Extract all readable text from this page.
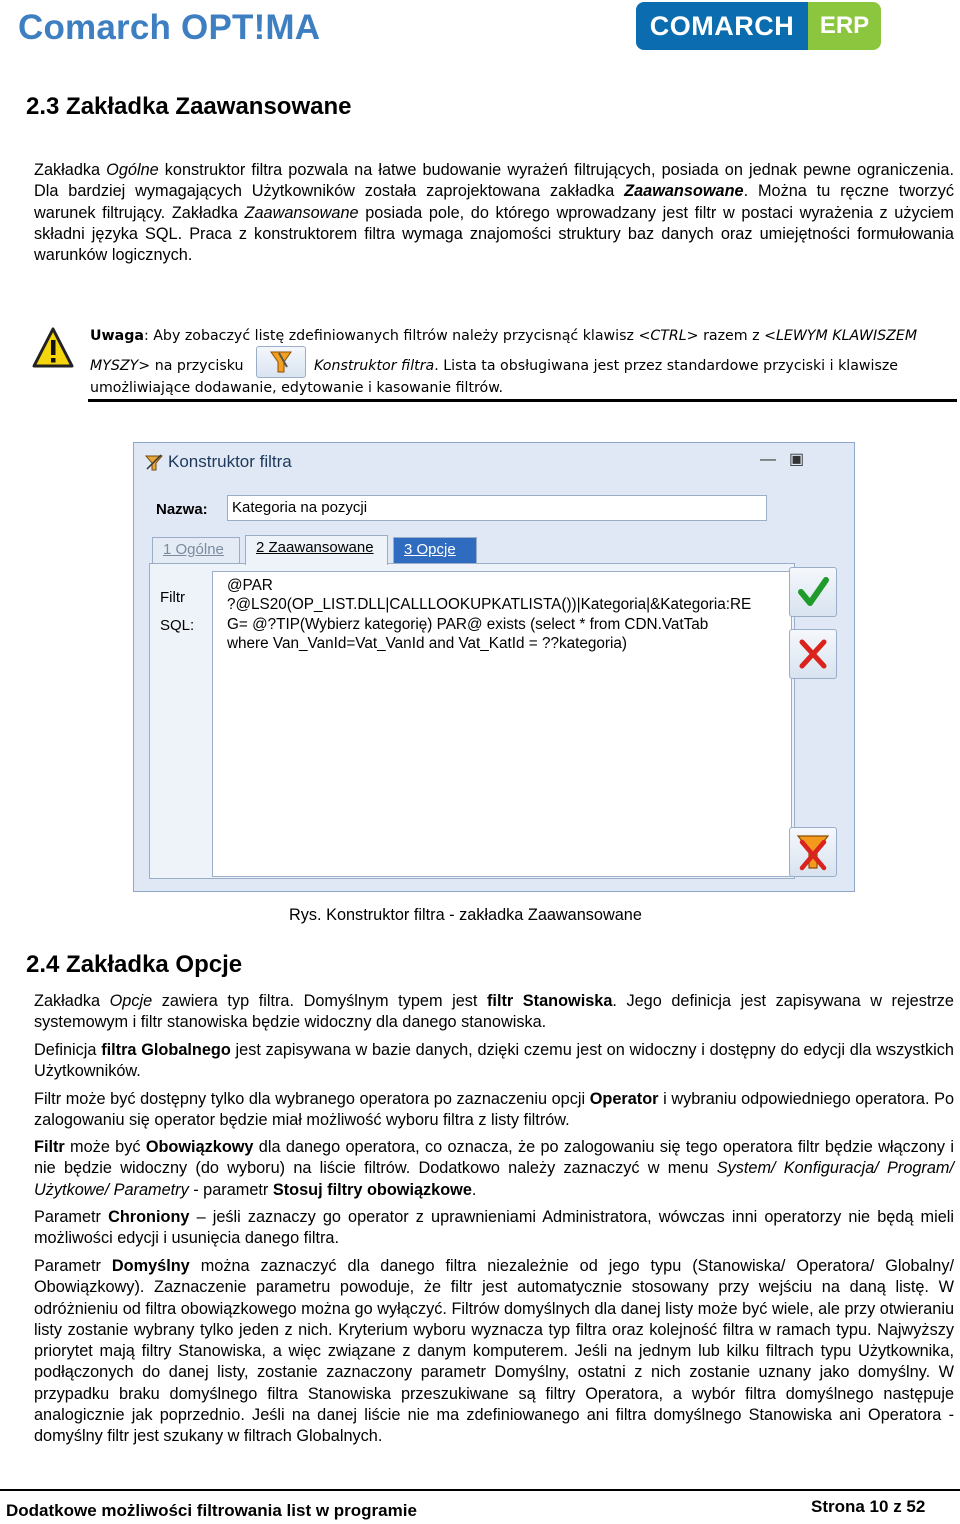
Comarch OPT!MA	COMARCH	ERP
2.3 Zakładka Zaawansowane
Zakładka Ogólne konstruktor filtra pozwala na łatwe budowanie wyrażeń filtrujących, posiada on jednak pewne ograniczenia. Dla bardziej wymagających Użytkowników została zaprojektowana zakładka Zaawansowane. Można tu ręczne tworzyć warunek filtrujący. Zakładka Zaawansowane posiada pole, do którego wprowadzany jest filtr w postaci wyrażenia z użyciem składni języka SQL. Praca z konstruktorem filtra wymaga znajomości struktury baz danych oraz umiejętności formułowania warunków logicznych.
Uwaga: Aby zobaczyć listę zdefiniowanych filtrów należy przycisnąć klawisz <CTRL> razem z <LEWYM KLAWISZEM MYSZY> na przycisku	Konstruktor filtra. Lista ta obsługiwana jest przez standardowe przyciski i klawisze umożliwiające dodawanie, edytowanie i kasowanie filtrów.
Konstruktor filtra	— ▣
Nazwa:	Kategoria na pozycji
1 Ogólne	2 Zaawansowane	3 Opcje
Filtr
SQL:
@PAR
?@LS20(OP_LIST.DLL|CALLLOOKUPKATLISTA())|Kategoria|&Kategoria:RE
G= @?TIP(Wybierz kategorię) PAR@ exists (select * from CDN.VatTab
where Van_VanId=Vat_VanId and Vat_KatId = ??kategoria)
Rys. Konstruktor filtra - zakładka Zaawansowane
2.4 Zakładka Opcje
Zakładka Opcje zawiera typ filtra. Domyślnym typem jest filtr Stanowiska. Jego definicja jest zapisywana w rejestrze systemowym i filtr stanowiska będzie widoczny dla danego stanowiska.
Definicja filtra Globalnego jest zapisywana w bazie danych, dzięki czemu jest on widoczny i dostępny do edycji dla wszystkich Użytkowników.
Filtr może być dostępny tylko dla wybranego operatora po zaznaczeniu opcji Operator i wybraniu odpowiedniego operatora. Po zalogowaniu się operator będzie miał możliwość wyboru filtra z listy filtrów.
Filtr może być Obowiązkowy dla danego operatora, co oznacza, że po zalogowaniu się tego operatora filtr będzie włączony i nie będzie widoczny (do wyboru) na liście filtrów. Dodatkowo należy zaznaczyć w menu System/ Konfiguracja/ Program/ Użytkowe/ Parametry - parametr Stosuj filtry obowiązkowe.
Parametr Chroniony – jeśli zaznaczy go operator z uprawnieniami Administratora, wówczas inni operatorzy nie będą mieli możliwości edycji i usunięcia danego filtra.
Parametr Domyślny można zaznaczyć dla danego filtra niezależnie od jego typu (Stanowiska/ Operatora/ Globalny/ Obowiązkowy). Zaznaczenie parametru powoduje, że filtr jest automatycznie stosowany przy wejściu na daną listę. W odróżnieniu od filtra obowiązkowego można go wyłączyć. Filtrów domyślnych dla danej listy może być wiele, ale przy otwieraniu listy zostanie wybrany tylko jeden z nich. Kryterium wyboru wyznacza typ filtra oraz kolejność filtra w ramach typu. Najwyższy priorytet mają filtry Stanowiska, a więc związane z danym komputerem. Jeśli na jednym lub kilku filtrach typu Użytkownika, podłączonych do danej listy, zostanie zaznaczony parametr Domyślny, ostatni z nich zostanie uznany jako domyślny. W przypadku braku domyślnego filtra Stanowiska przeszukiwane są filtry Operatora, a wybór filtra domyślnego następuje analogicznie jak poprzednio. Jeśli na danej liście nie ma zdefiniowanego ani filtra domyślnego Stanowiska ani Operatora - domyślny filtr jest szukany w filtrach Globalnych.
Dodatkowe możliwości filtrowania list w programie	Strona 10 z 52
